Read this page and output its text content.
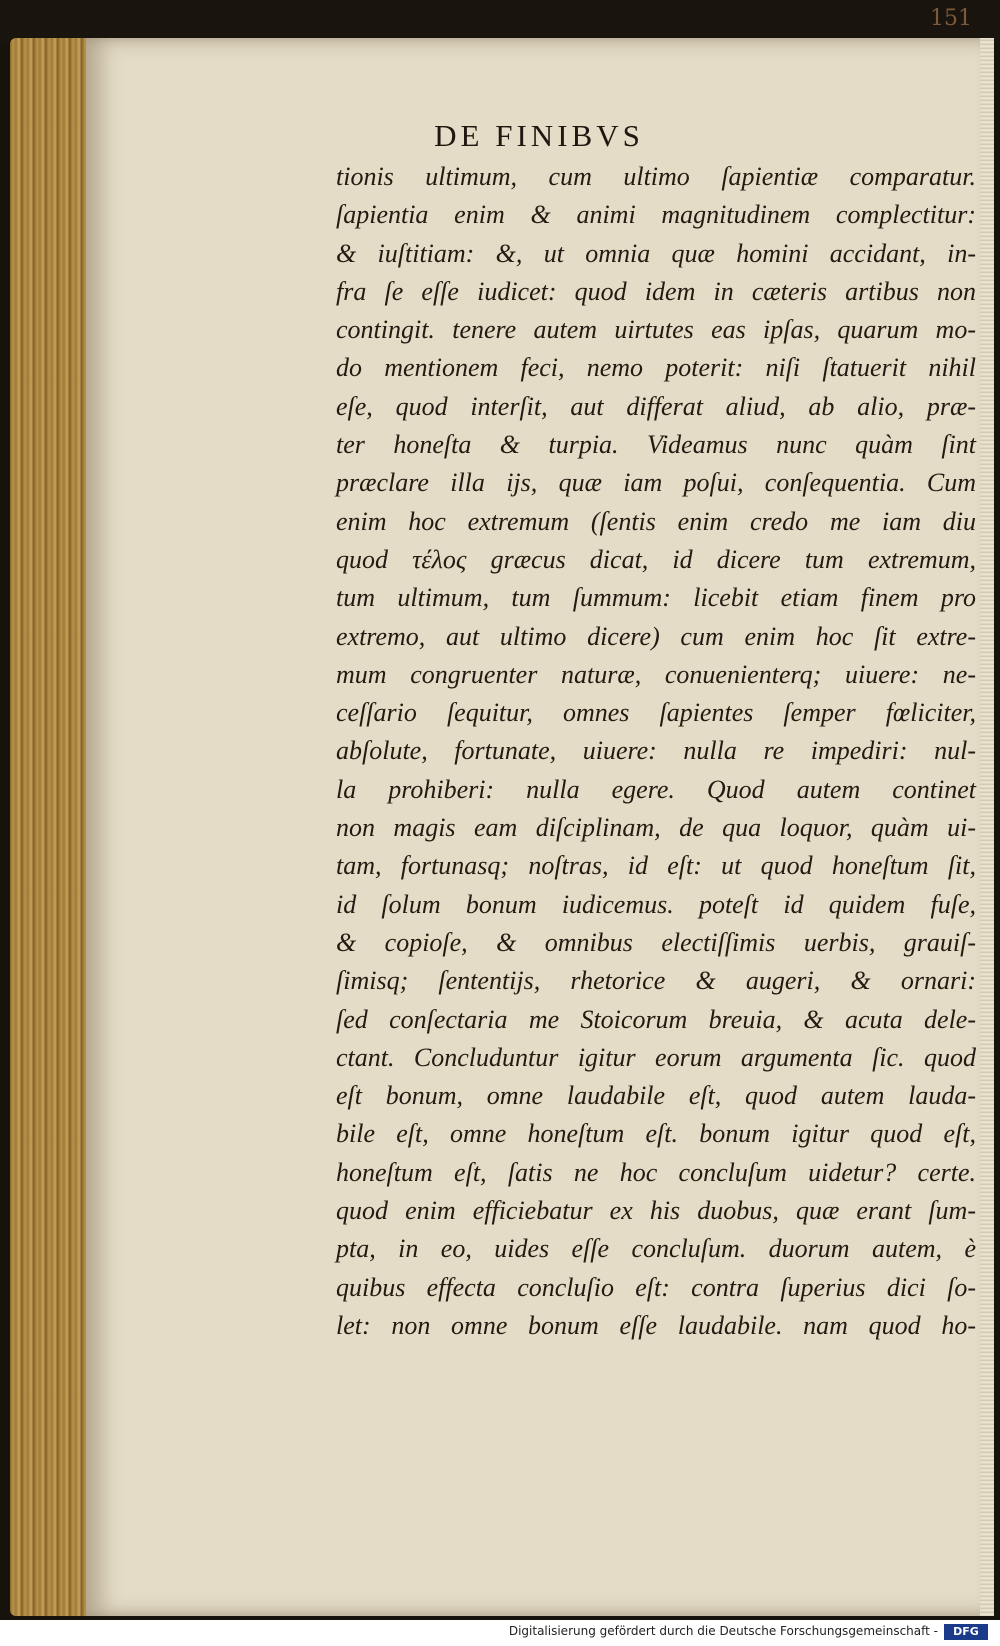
151
DE FINIBVS
tionis ultimum, cum ultimo ſapientiæ comparatur.
ſapientia enim & animi magnitudinem complectitur:
& iuſtitiam: &, ut omnia quæ homini accidant, in-
fra ſe eſſe iudicet: quod idem in cæteris artibus non
contingit. tenere autem uirtutes eas ipſas, quarum mo-
do mentionem feci, nemo poterit: niſi ſtatuerit nihil
eſe, quod interſit, aut differat aliud, ab alio, præ-
ter honeſta & turpia. Videamus nunc quàm ſint
præclare illa ijs, quæ iam poſui, conſequentia. Cum
enim hoc extremum (ſentis enim credo me iam diu
quod τέλος græcus dicat, id dicere tum extremum,
tum ultimum, tum ſummum: licebit etiam finem pro
extremo, aut ultimo dicere) cum enim hoc ſit extre-
mum congruenter naturæ, conuenienterq; uiuere: ne-
ceſſario ſequitur, omnes ſapientes ſemper fœliciter,
abſolute, fortunate, uiuere: nulla re impediri: nul-
la prohiberi: nulla egere. Quod autem continet
non magis eam diſciplinam, de qua loquor, quàm ui-
tam, fortunasq; noſtras, id eſt: ut quod honeſtum ſit,
id ſolum bonum iudicemus. poteſt id quidem fuſe,
& copioſe, & omnibus electiſſimis uerbis, grauiſ-
ſimisq; ſententijs, rhetorice & augeri, & ornari:
ſed conſectaria me Stoicorum breuia, & acuta dele-
ctant. Concluduntur igitur eorum argumenta ſic. quod
eſt bonum, omne laudabile eſt, quod autem lauda-
bile eſt, omne honeſtum eſt. bonum igitur quod eſt,
honeſtum eſt, ſatis ne hoc concluſum uidetur? certe.
quod enim efficiebatur ex his duobus, quæ erant ſum-
pta, in eo, uides eſſe concluſum. duorum autem, è
quibus effecta concluſio eſt: contra ſuperius dici ſo-
let: non omne bonum eſſe laudabile. nam quod ho-
Digitalisierung gefördert durch die Deutsche Forschungsgemeinschaft -	DFG
